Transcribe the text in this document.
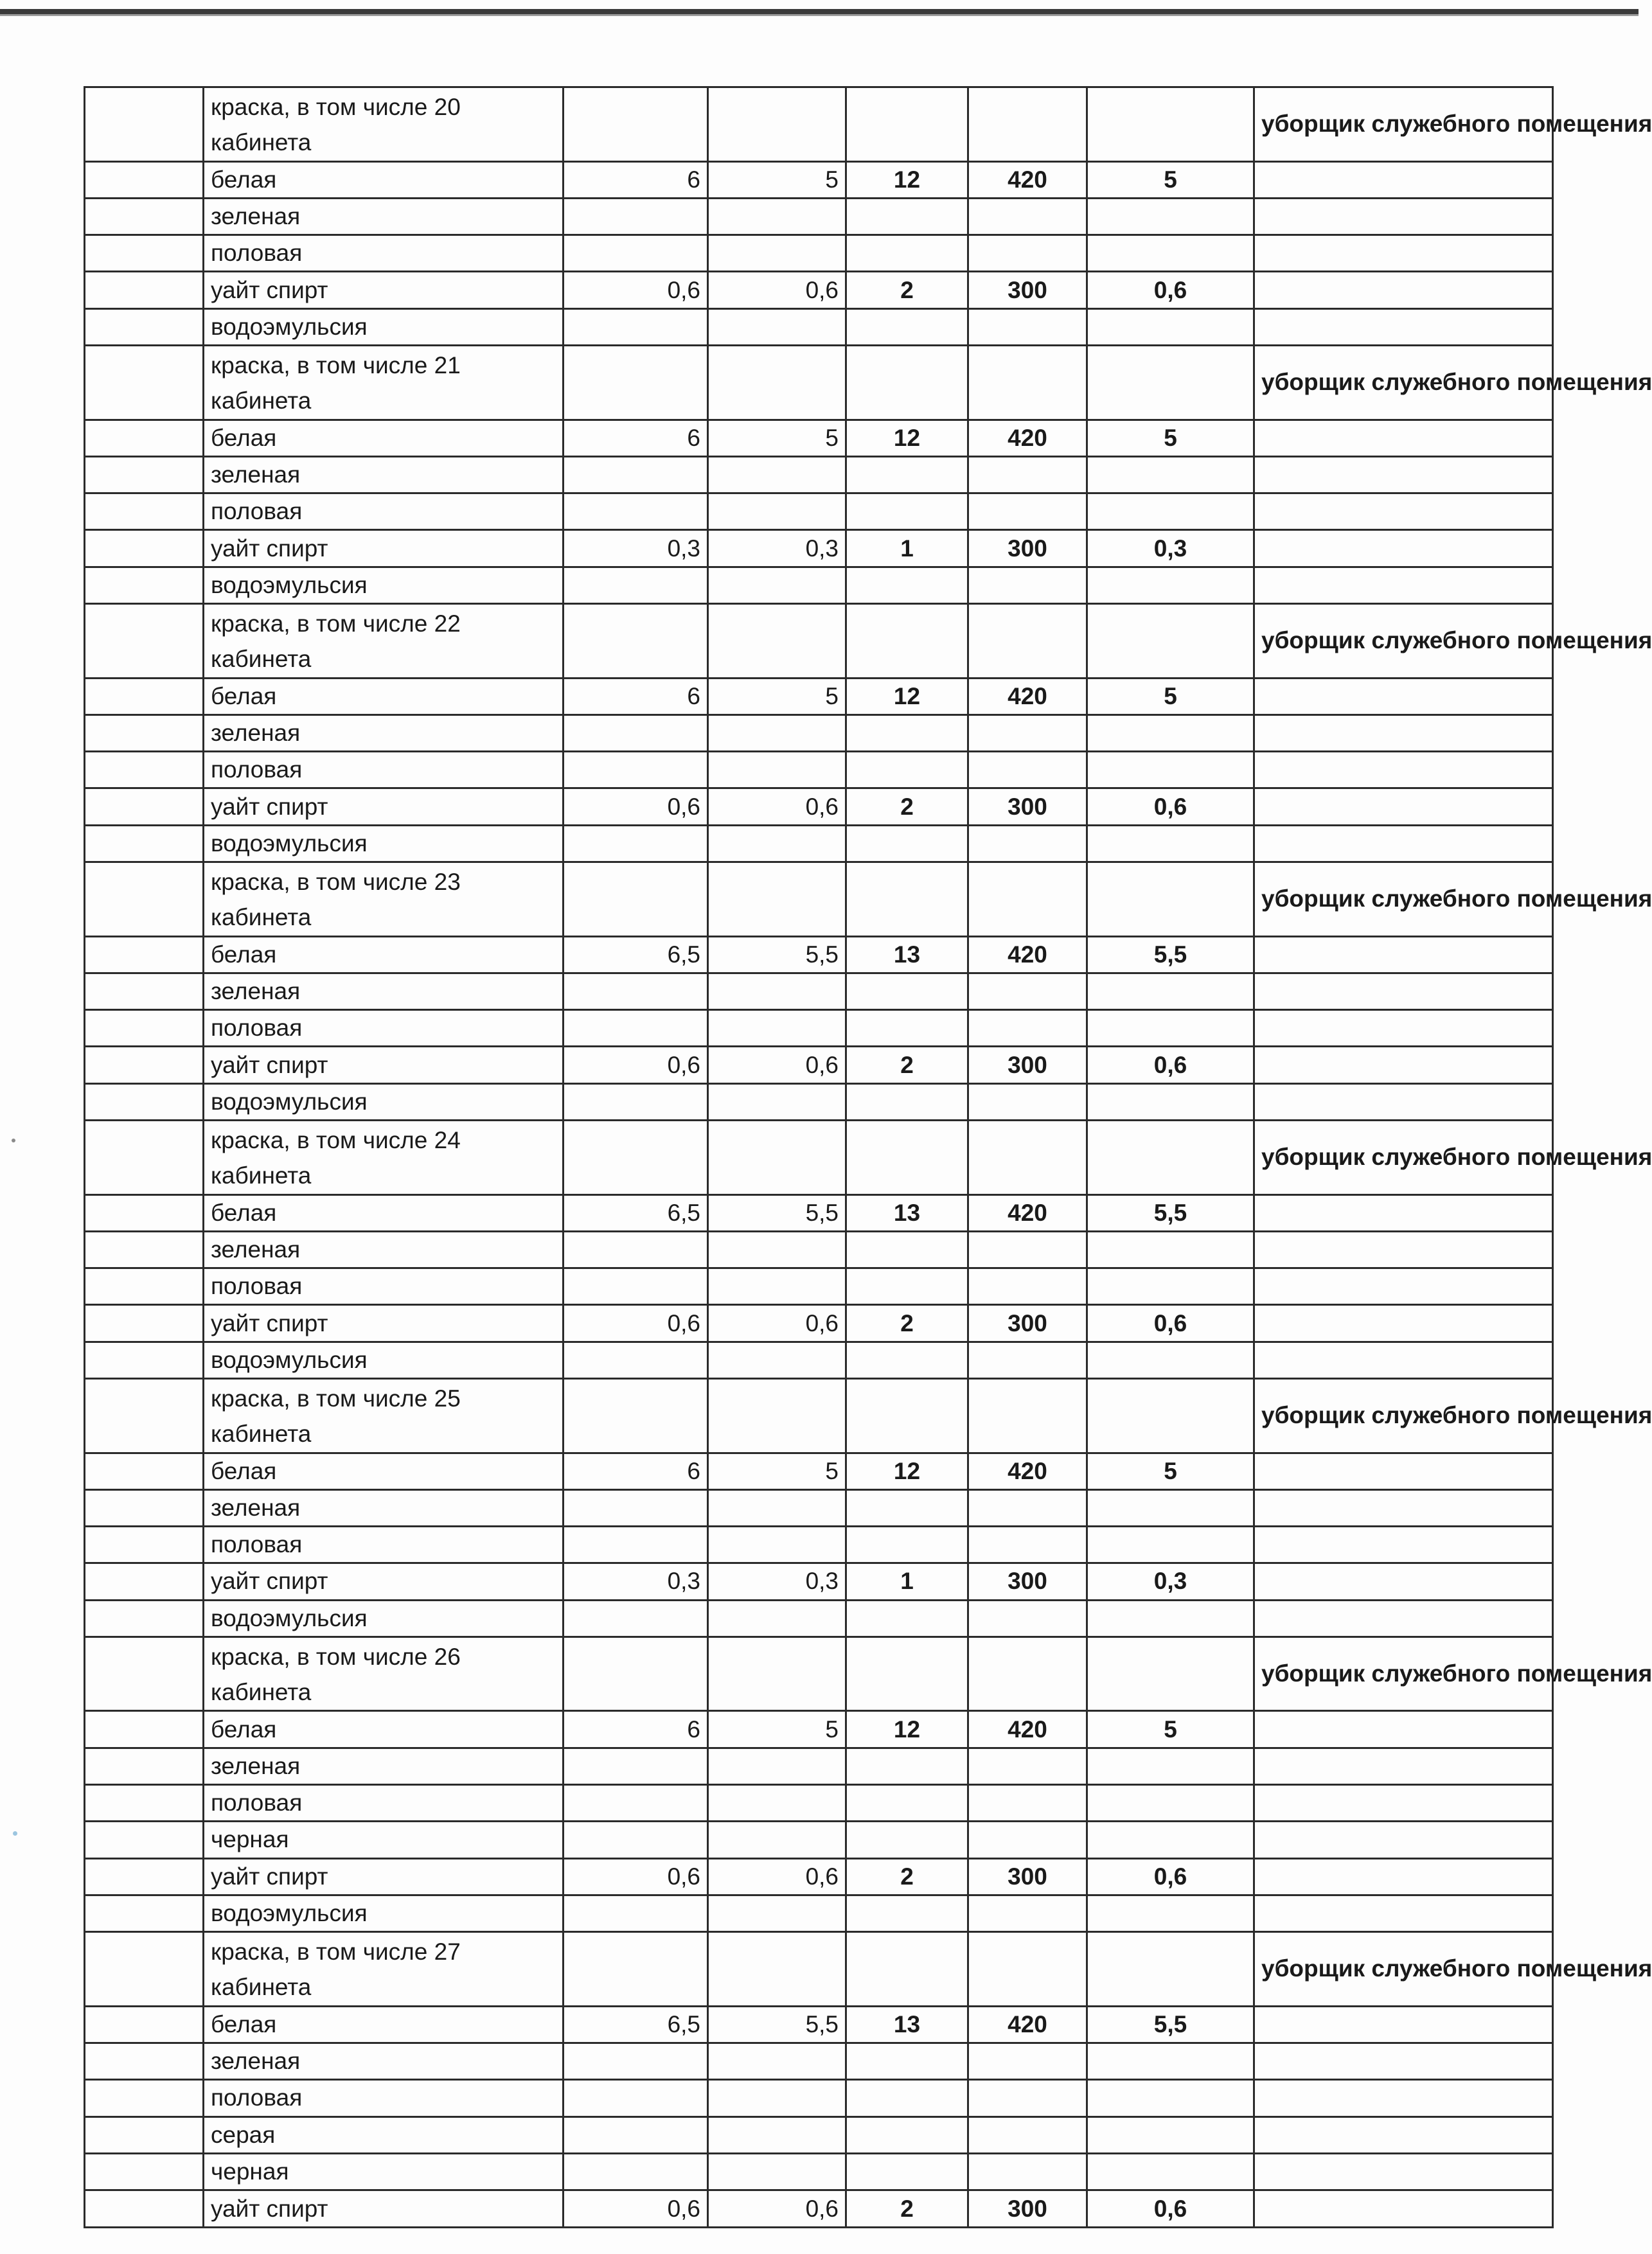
	краска, в том числе 20 кабинета						уборщик служебного помещения
	белая	6	5	12	420	5	
	зеленая						
	половая						
	уайт спирт	0,6	0,6	2	300	0,6	
	водоэмульсия						
	краска, в том числе 21 кабинета						уборщик служебного помещения
	белая	6	5	12	420	5	
	зеленая						
	половая						
	уайт спирт	0,3	0,3	1	300	0,3	
	водоэмульсия						
	краска, в том числе 22 кабинета						уборщик служебного помещения
	белая	6	5	12	420	5	
	зеленая						
	половая						
	уайт спирт	0,6	0,6	2	300	0,6	
	водоэмульсия						
	краска, в том числе 23 кабинета						уборщик служебного помещения
	белая	6,5	5,5	13	420	5,5	
	зеленая						
	половая						
	уайт спирт	0,6	0,6	2	300	0,6	
	водоэмульсия						
	краска, в том числе 24 кабинета						уборщик служебного помещения
	белая	6,5	5,5	13	420	5,5	
	зеленая						
	половая						
	уайт спирт	0,6	0,6	2	300	0,6	
	водоэмульсия						
	краска, в том числе 25 кабинета						уборщик служебного помещения
	белая	6	5	12	420	5	
	зеленая						
	половая						
	уайт спирт	0,3	0,3	1	300	0,3	
	водоэмульсия						
	краска, в том числе 26 кабинета						уборщик служебного помещения
	белая	6	5	12	420	5	
	зеленая						
	половая						
	черная						
	уайт спирт	0,6	0,6	2	300	0,6	
	водоэмульсия						
	краска, в том числе 27 кабинета						уборщик служебного помещения
	белая	6,5	5,5	13	420	5,5	
	зеленая						
	половая						
	серая						
	черная						
	уайт спирт	0,6	0,6	2	300	0,6	
